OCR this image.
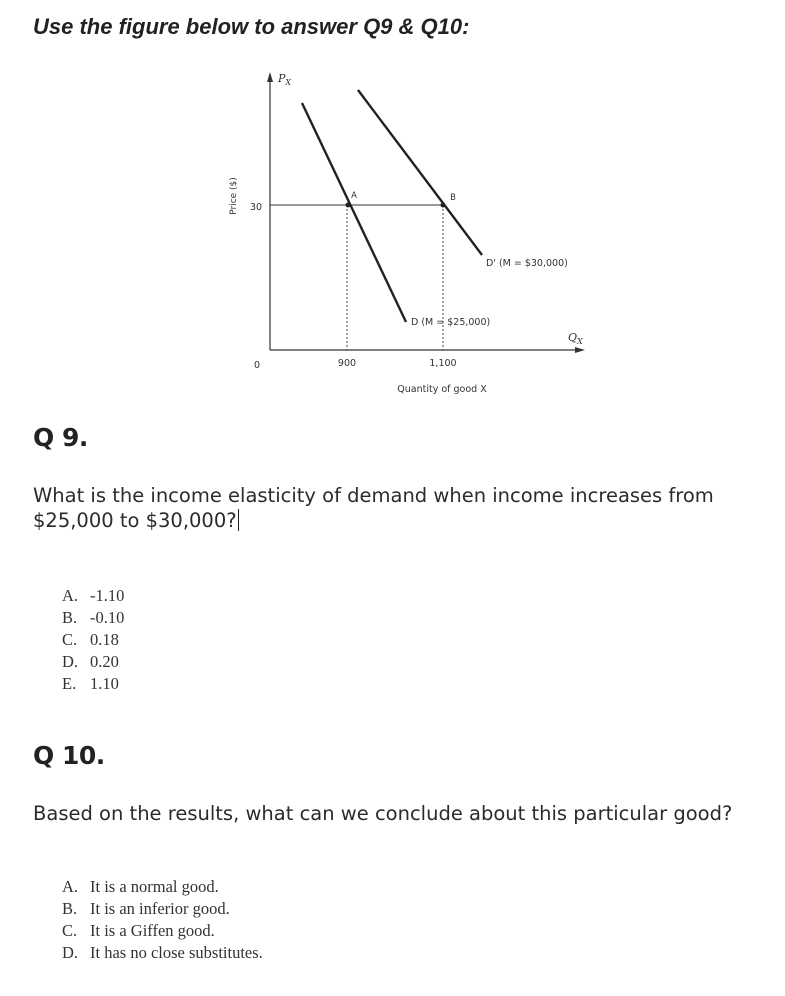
Use the figure below to answer Q9 & Q10:
$P_X$
$Q_X$
Price ($)
Quantity of good X
30
0	900	1,100
A	B
D (M = $25,000)
D' (M = $30,000)
Q 9.
What is the income elasticity of demand when income increases from
$25,000 to $30,000?
A. -1.10
B. -0.10
C. 0.18
D. 0.20
E. 1.10
Q 10.
Based on the results, what can we conclude about this particular good?
A. It is a normal good.
B. It is an inferior good.
C. It is a Giffen good.
D. It has no close substitutes.
